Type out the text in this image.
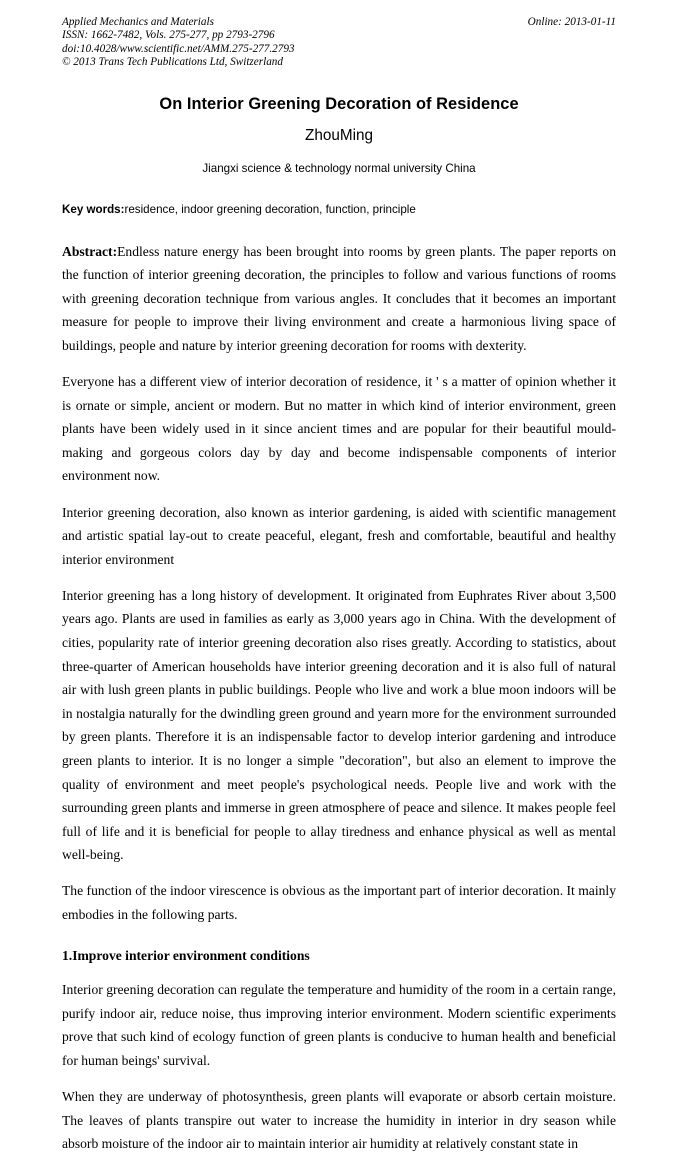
Applied Mechanics and Materials
ISSN: 1662-7482, Vols. 275-277, pp 2793-2796
doi:10.4028/www.scientific.net/AMM.275-277.2793
© 2013 Trans Tech Publications Ltd, Switzerland
Online: 2013-01-11
On Interior Greening Decoration of Residence
ZhouMing
Jiangxi science & technology normal university China
Key words:residence, indoor greening decoration, function, principle

Abstract:Endless nature energy has been brought into rooms by green plants. The paper reports on the function of interior greening decoration, the principles to follow and various functions of rooms with greening decoration technique from various angles. It concludes that it becomes an important measure for people to improve their living environment and create a harmonious living space of buildings, people and nature by interior greening decoration for rooms with dexterity.

Everyone has a different view of interior decoration of residence, it ' s a matter of opinion whether it is ornate or simple, ancient or modern. But no matter in which kind of interior environment, green plants have been widely used in it since ancient times and are popular for their beautiful mould-making and gorgeous colors day by day and become indispensable components of interior environment now.

Interior greening decoration, also known as interior gardening, is aided with scientific management and artistic spatial lay-out to create peaceful, elegant, fresh and comfortable, beautiful and healthy interior environment

Interior greening has a long history of development. It originated from Euphrates River about 3,500 years ago. Plants are used in families as early as 3,000 years ago in China. With the development of cities, popularity rate of interior greening decoration also rises greatly. According to statistics, about three-quarter of American households have interior greening decoration and it is also full of natural air with lush green plants in public buildings. People who live and work a blue moon indoors will be in nostalgia naturally for the dwindling green ground and yearn more for the environment surrounded by green plants. Therefore it is an indispensable factor to develop interior gardening and introduce green plants to interior. It is no longer a simple "decoration", but also an element to improve the quality of environment and meet people's psychological needs. People live and work with the surrounding green plants and immerse in green atmosphere of peace and silence. It makes people feel full of life and it is beneficial for people to allay tiredness and enhance physical as well as mental well-being.

The function of the indoor virescence is obvious as the important part of interior decoration. It mainly embodies in the following parts.

1.Improve interior environment conditions

Interior greening decoration can regulate the temperature and humidity of the room in a certain range, purify indoor air, reduce noise, thus improving interior environment. Modern scientific experiments prove that such kind of ecology function of green plants is conducive to human health and beneficial for human beings' survival.

When they are underway of photosynthesis, green plants will evaporate or absorb certain moisture. The leaves of plants transpire out water to increase the humidity in interior in dry season while absorb moisture of the indoor air to maintain interior air humidity at relatively constant state in
